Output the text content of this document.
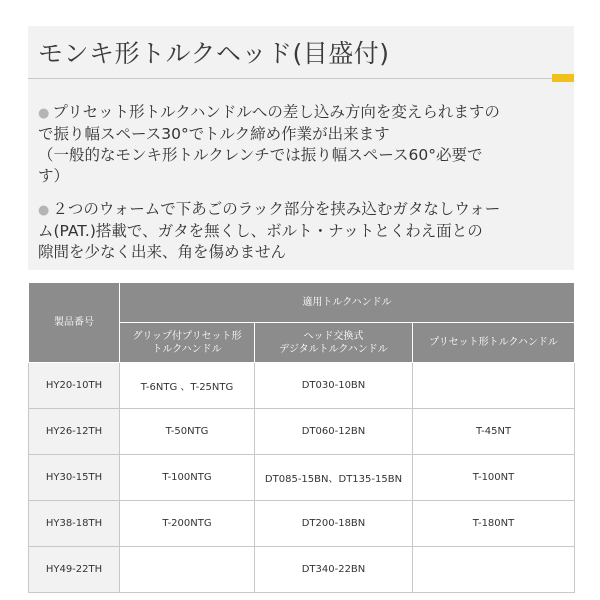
モンキ形トルクヘッド(目盛付)

● プリセット形トルクハンドルへの差し込み方向を変えられますの

で振り幅スペース30°でトルク締め作業が出来ます

（一般的なモンキ形トルクレンチでは振り幅スペース60°必要で

す）

● ２つのウォームで下あごのラック部分を挟み込むガタなしウォー

ム(PAT.)搭載で、ガタを無くし、ボルト・ナットとくわえ面との

隙間を少なく出来、角を傷めません

製品番号	適用トルクハンドル		
	グリップ付プリセット形
トルクハンドル	ヘッド交換式
デジタルトルクハンドル	プリセット形トルクハンドル
HY20-10TH	T-6NTG 、T-25NTG	DT030-10BN	
HY26-12TH	T-50NTG	DT060-12BN	T-45NT
HY30-15TH	T-100NTG	DT085-15BN、DT135-15BN	T-100NT
HY38-18TH	T-200NTG	DT200-18BN	T-180NT
HY49-22TH		DT340-22BN	
